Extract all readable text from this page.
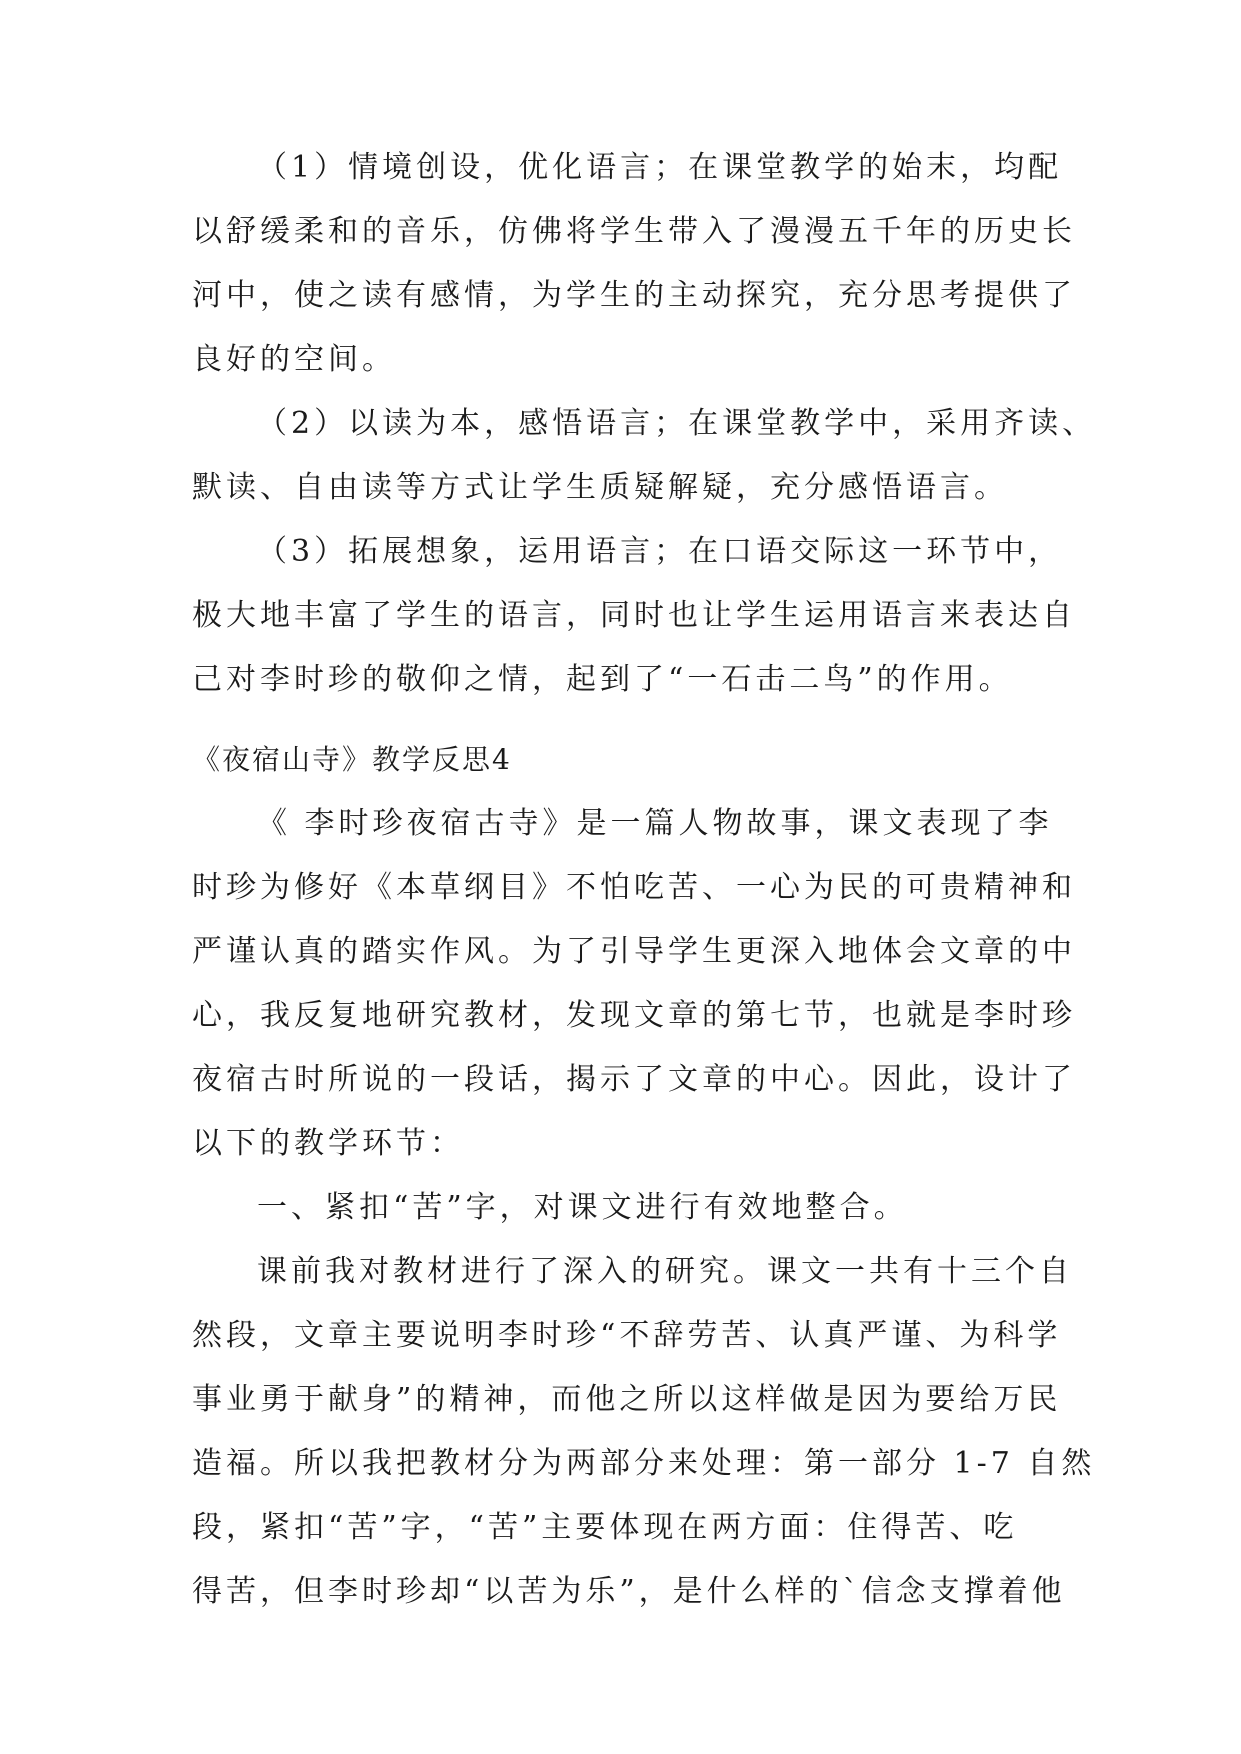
（1）情境创设，优化语言；在课堂教学的始末，均配
以舒缓柔和的音乐，仿佛将学生带入了漫漫五千年的历史长
河中，使之读有感情，为学生的主动探究，充分思考提供了
良好的空间。
（2）以读为本，感悟语言；在课堂教学中，采用齐读、
默读、自由读等方式让学生质疑解疑，充分感悟语言。
（3）拓展想象，运用语言；在口语交际这一环节中，
极大地丰富了学生的语言，同时也让学生运用语言来表达自
己对李时珍的敬仰之情，起到了“一石击二鸟”的作用。
《夜宿山寺》教学反思4
《 李时珍夜宿古寺》是一篇人物故事，课文表现了李
时珍为修好《本草纲目》不怕吃苦、一心为民的可贵精神和
严谨认真的踏实作风。为了引导学生更深入地体会文章的中
心，我反复地研究教材，发现文章的第七节，也就是李时珍
夜宿古时所说的一段话，揭示了文章的中心。因此，设计了
以下的教学环节：
一、紧扣“苦”字，对课文进行有效地整合。
课前我对教材进行了深入的研究。课文一共有十三个自
然段，文章主要说明李时珍“不辞劳苦、认真严谨、为科学
事业勇于献身”的精神，而他之所以这样做是因为要给万民
造福。所以我把教材分为两部分来处理：第一部分 1-7 自然
段，紧扣“苦”字，“苦”主要体现在两方面：住得苦、吃
得苦，但李时珍却“以苦为乐”，是什么样的`信念支撑着他
